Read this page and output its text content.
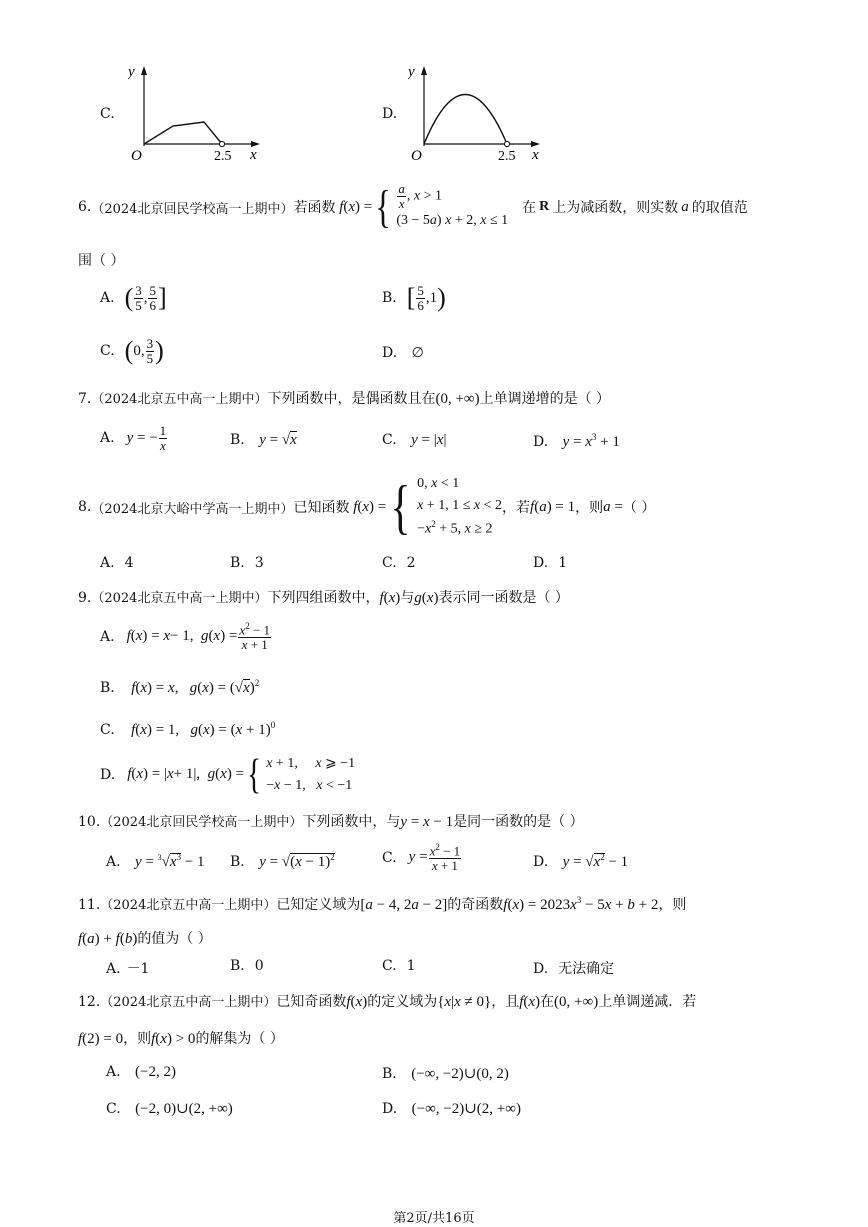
C.
y
O	2.5 x
D.
y
O	2.5 x
6. （2024北京回民学校高一上期中） 若函数 f(x) = { $\frac{a}{x}$ , x > 1
(3 − 5a) x + 2, x ≤ 1
在 R 上为减函数，则实数 a 的取值范
围（ ）
A. ( $\frac{3}{5}$ , $\frac{5}{6}$ ]	B. [ $\frac{5}{6} ,1$ )
C. ( 0, $\frac{3}{5}$ )	D. ∅
7.（2024北京五中高一上期中）下列函数中，是偶函数且在(0, +∞)上单调递增的是（ ）
A. y = − $\frac{1}{x}$	B. y = √x	C. y = |x|	D. $y = x^3 + 1$
8. （2024北京大峪中学高一上期中） 已知函数 f(x) = { 0, x < 1
x + 1, 1 ≤ x < 2
$-x^2 + 5$, x ≥ 2
，若 f(a) = 1 ，则 a = （ ）
A. 4	B. 3	C. 2	D. 1
9.（2024北京五中高一上期中）下列四组函数中，f(x)与g(x)表示同一函数是（ ）
A. f ( x ) = x − 1, g ( x ) = $\frac{x^2 - 1}{x + 1}$
B. f(x) = x,   $g(x) = (√x)^2$
C. f(x) = 1,   $g(x) = (x + 1)^0$
D. f ( x ) = | x + 1|, g ( x ) = { x + 1,     x ⩾ −1
−x − 1,   x < −1
10.（2024北京回民学校高一上期中）下列函数中，与y = x − 1是同一函数的是（ ）
A. $y = ^3√x^3 - 1$ B. $y = √(x - 1)^2$	C. $y = \frac{x^2 - 1}{x + 1}$	D. $y = √x^2 - 1$
11.（2024北京五中高一上期中）已知定义域为[a − 4, 2a − 2]的奇函数$f(x) = 2023x^3 - 5x + b + 2$，则
f(a) + f(b)的值为（ ）
A. －1	B. 0	C. 1	D. 无法确定
12.（2024北京五中高一上期中）已知奇函数f(x)的定义域为{x|x ≠ 0}，且f(x)在(0, +∞)上单调递减．若
f(2) = 0，则f(x) > 0的解集为（ ）
A. (−2, 2)	B. (−∞, −2)∪(0, 2)
C. (−2, 0)∪(2, +∞)	D. (−∞, −2)∪(2, +∞)
第2页/共16页
